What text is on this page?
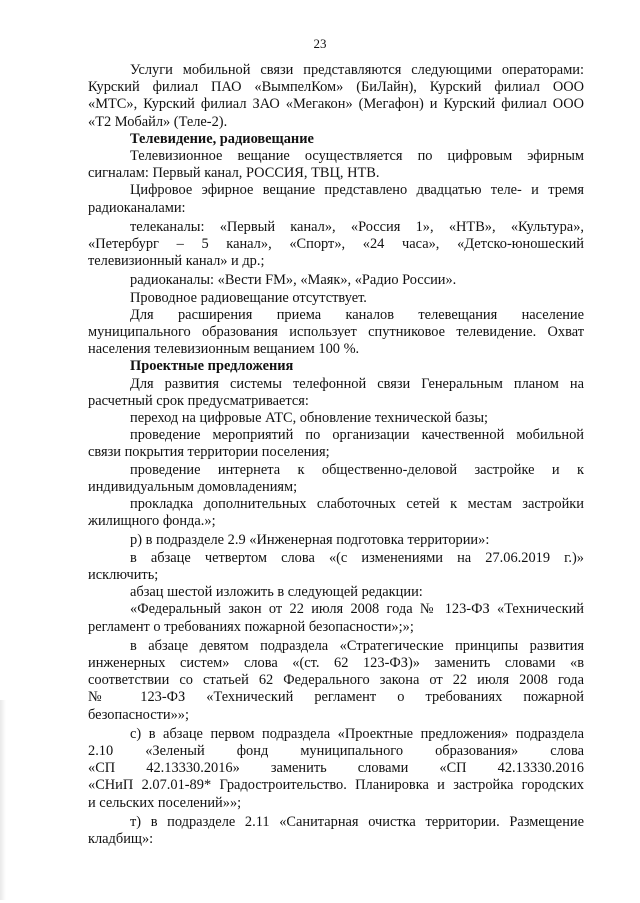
23
Услуги мобильной связи представляются следующими операторами:
Курский филиал ПАО «ВымпелКом» (БиЛайн), Курский филиал ООО
«МТС», Курский филиал ЗАО «Мегакон» (Мегафон) и Курский филиал ООО
«Т2 Мобайл» (Теле-2).
Телевидение, радиовещание
Телевизионное вещание осуществляется по цифровым эфирным
сигналам: Первый канал, РОССИЯ, ТВЦ, НТВ.
Цифровое эфирное вещание представлено двадцатью теле- и тремя
радиоканалами:
телеканалы: «Первый канал», «Россия 1», «НТВ», «Культура»,
«Петербург – 5 канал», «Спорт», «24 часа», «Детско-юношеский
телевизионный канал» и др.;
радиоканалы: «Вести FM», «Маяк», «Радио России».
Проводное радиовещание отсутствует.
Для расширения приема каналов телевещания население
муниципального образования использует спутниковое телевидение. Охват
населения телевизионным вещанием 100 %.
Проектные предложения
Для развития системы телефонной связи Генеральным планом на
расчетный срок предусматривается:
переход на цифровые АТС, обновление технической базы;
проведение мероприятий по организации качественной мобильной
связи покрытия территории поселения;
проведение интернета к общественно-деловой застройке и к
индивидуальным домовладениям;
прокладка дополнительных слаботочных сетей к местам застройки
жилищного фонда.»;
р) в подразделе 2.9 «Инженерная подготовка территории»:
в абзаце четвертом слова «(с изменениями на 27.06.2019 г.)»
исключить;
абзац шестой изложить в следующей редакции:
«Федеральный закон от 22 июля 2008 года № 123-ФЗ «Технический
регламент о требованиях пожарной безопасности»;»;
в абзаце девятом подраздела «Стратегические принципы развития
инженерных систем» слова «(ст. 62 123-ФЗ)» заменить словами «в
соответствии со статьей 62 Федерального закона от 22 июля 2008 года
№ 123-ФЗ «Технический регламент о требованиях пожарной
безопасности»»;
с) в абзаце первом подраздела «Проектные предложения» подраздела
2.10 «Зеленый фонд муниципального образования» слова
«СП 42.13330.2016» заменить словами «СП 42.13330.2016
«СНиП 2.07.01-89* Градостроительство. Планировка и застройка городских
и сельских поселений»»;
т) в подразделе 2.11 «Санитарная очистка территории. Размещение
кладбищ»:
